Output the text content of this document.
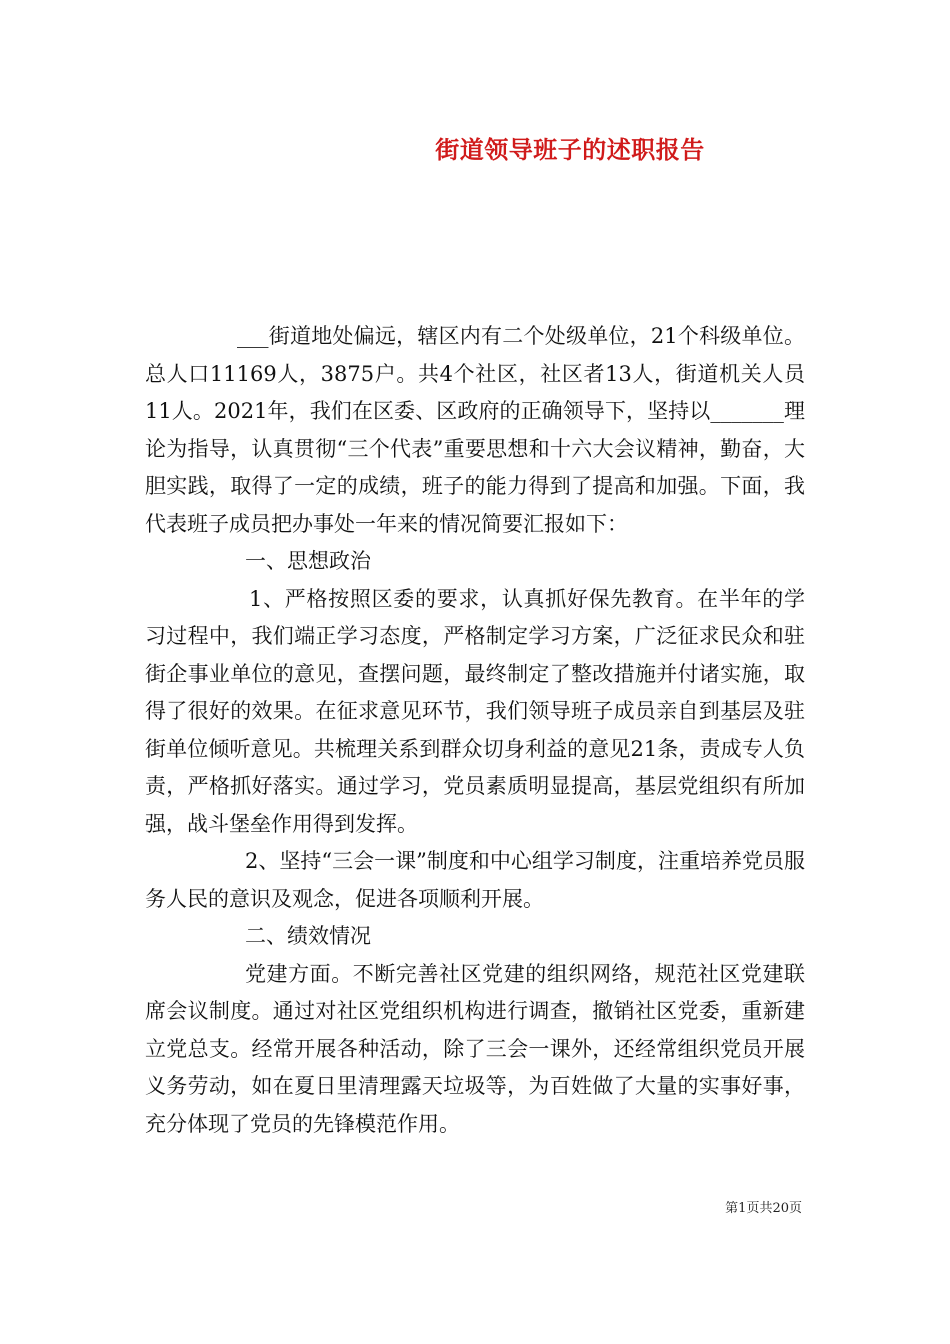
街道领导班子的述职报告

___街道地处偏远，辖区内有二个处级单位，21个科级单位。总人口11169人，3875户。共4个社区，社区者13人，街道机关人员11人。2021年，我们在区委、区政府的正确领导下，坚持以_______理论为指导，认真贯彻“三个代表”重要思想和十六大会议精神，勤奋，大胆实践，取得了一定的成绩，班子的能力得到了提高和加强。下面，我代表班子成员把办事处一年来的情况简要汇报如下：

一、思想政治

1、严格按照区委的要求，认真抓好保先教育。在半年的学习过程中，我们端正学习态度，严格制定学习方案，广泛征求民众和驻街企事业单位的意见，查摆问题，最终制定了整改措施并付诸实施，取得了很好的效果。在征求意见环节，我们领导班子成员亲自到基层及驻街单位倾听意见。共梳理关系到群众切身利益的意见21条，责成专人负责，严格抓好落实。通过学习，党员素质明显提高，基层党组织有所加强，战斗堡垒作用得到发挥。

2、坚持“三会一课”制度和中心组学习制度，注重培养党员服务人民的意识及观念，促进各项顺利开展。

二、绩效情况

党建方面。不断完善社区党建的组织网络，规范社区党建联席会议制度。通过对社区党组织机构进行调查，撤销社区党委，重新建立党总支。经常开展各种活动，除了三会一课外，还经常组织党员开展义务劳动，如在夏日里清理露天垃圾等，为百姓做了大量的实事好事，充分体现了党员的先锋模范作用。

第1页共20页
